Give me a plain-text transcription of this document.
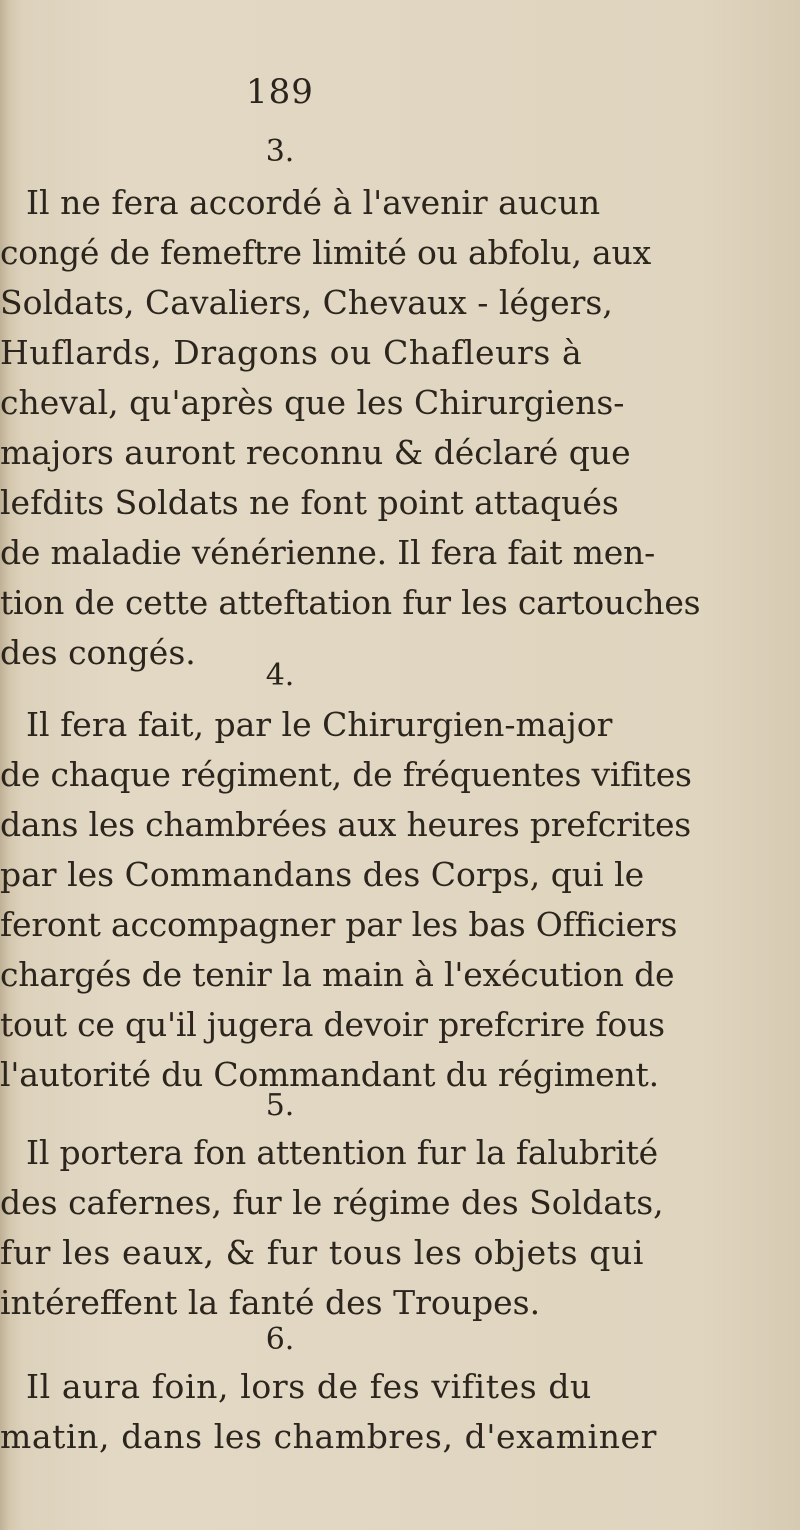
189
3.
Il ne fera accordé à l'avenir aucun
congé de femeftre limité ou abfolu, aux
Soldats, Cavaliers, Chevaux - légers,
Huflards, Dragons ou Chafleurs à
cheval, qu'après que les Chirurgiens-
majors auront reconnu & déclaré que
lefdits Soldats ne font point attaqués
de maladie vénérienne. Il fera fait men-
tion de cette atteftation fur les cartouches
des congés.
4.
Il fera fait, par le Chirurgien-major
de chaque régiment, de fréquentes vifites
dans les chambrées aux heures prefcrites
par les Commandans des Corps, qui le
feront accompagner par les bas Officiers
chargés de tenir la main à l'exécution de
tout ce qu'il jugera devoir prefcrire fous
l'autorité du Commandant du régiment.
5.
Il portera fon attention fur la falubrité
des cafernes, fur le régime des Soldats,
fur les eaux, & fur tous les objets qui
intéreffent la fanté des Troupes.
6.
Il aura foin, lors de fes vifites du
matin, dans les chambres, d'examiner
